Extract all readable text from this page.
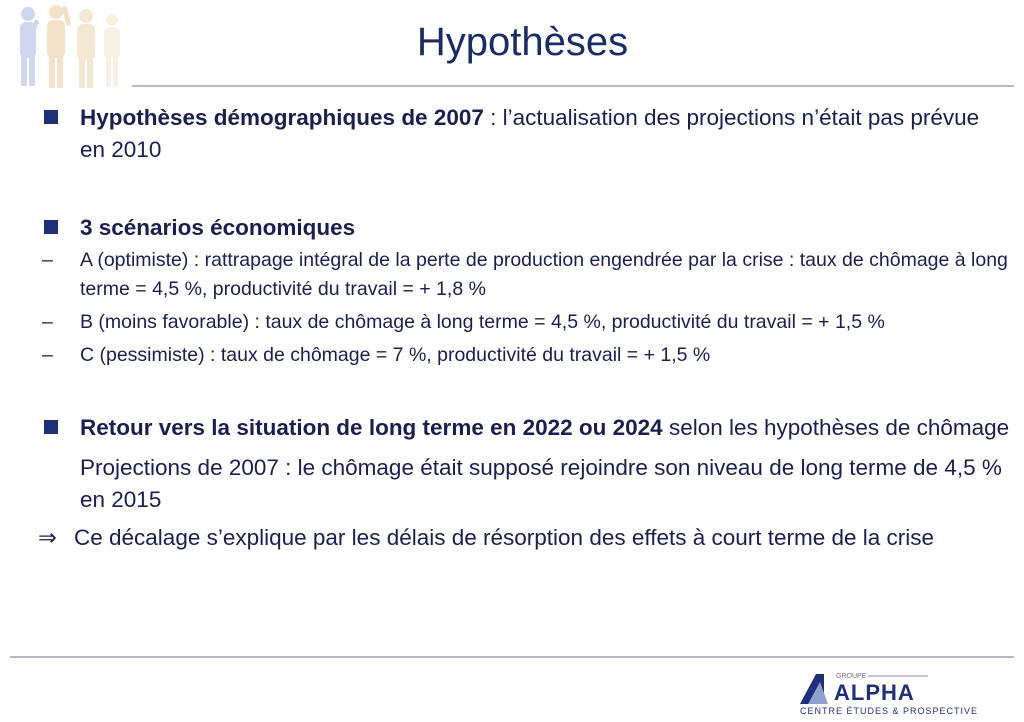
Hypothèses
Hypothèses démographiques de 2007 : l’actualisation des projections n’était pas prévue en 2010
3 scénarios économiques
– A (optimiste) : rattrapage intégral de la perte de production engendrée par la crise : taux de chômage à long terme = 4,5 %, productivité du travail = + 1,8 %
– B (moins favorable) : taux de chômage à long terme = 4,5 %, productivité du travail = + 1,5 %
– C (pessimiste) : taux de chômage = 7 %, productivité du travail = + 1,5 %
Retour vers la situation de long terme en 2022 ou 2024 selon les hypothèses de chômage
Projections de 2007 : le chômage était supposé rejoindre son niveau de long terme de 4,5 % en 2015
⇒ Ce décalage s’explique par les délais de résorption des effets à court terme de la crise
GROUPE
ALPHA
CENTRE ÉTUDES & PROSPECTIVE
